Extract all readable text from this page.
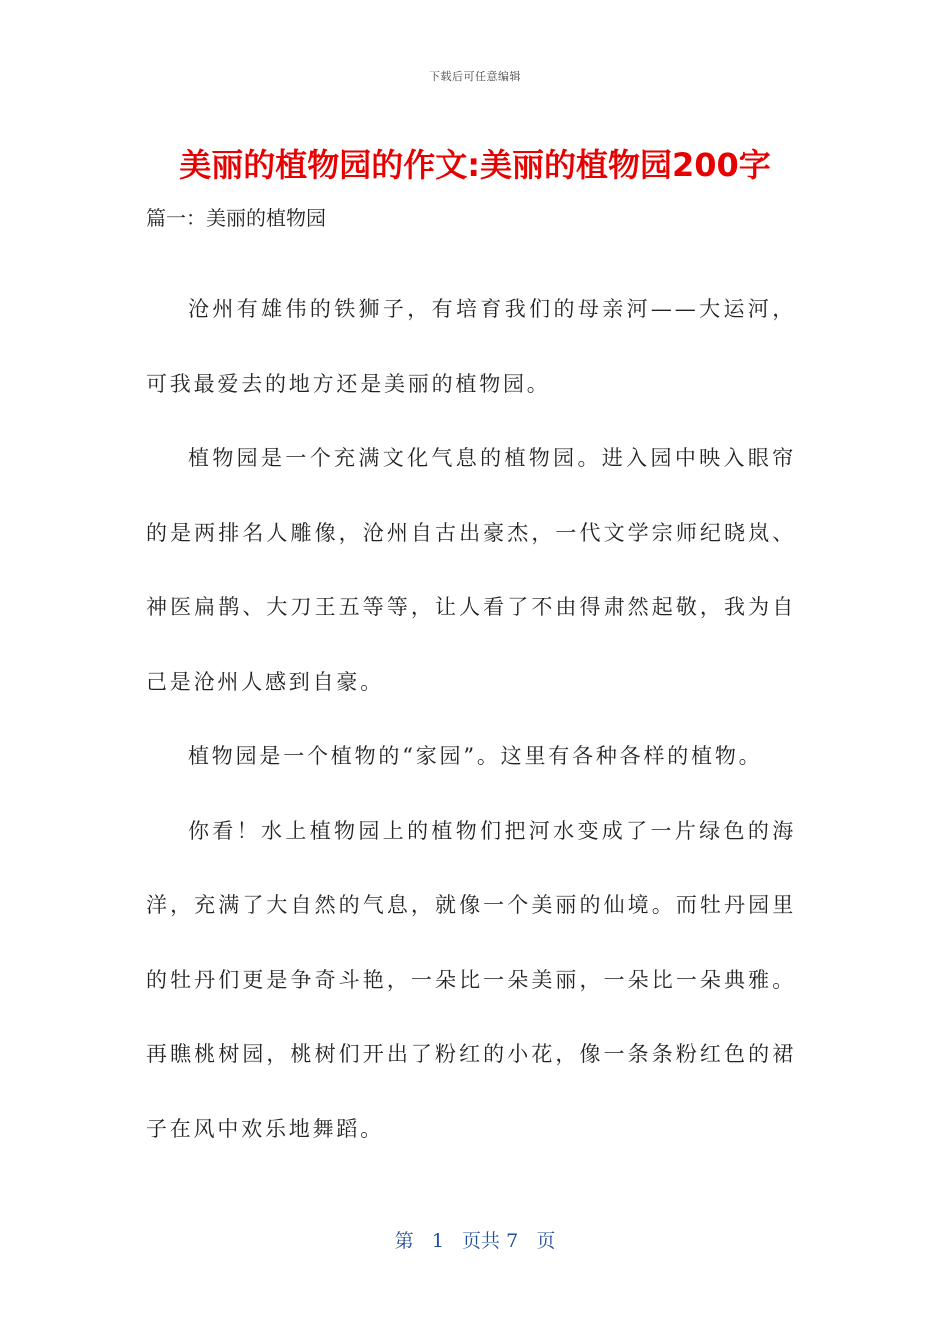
下载后可任意编辑
美丽的植物园的作文:美丽的植物园200字

篇一：美丽的植物园

沧州有雄伟的铁狮子，有培育我们的母亲河——大运河，可我最爱去的地方还是美丽的植物园。

植物园是一个充满文化气息的植物园。进入园中映入眼帘的是两排名人雕像，沧州自古出豪杰，一代文学宗师纪晓岚、神医扁鹊、大刀王五等等，让人看了不由得肃然起敬，我为自己是沧州人感到自豪。

植物园是一个植物的“家园”。这里有各种各样的植物。

你看！水上植物园上的植物们把河水变成了一片绿色的海洋，充满了大自然的气息，就像一个美丽的仙境。而牡丹园里的牡丹们更是争奇斗艳，一朵比一朵美丽，一朵比一朵典雅。再瞧桃树园，桃树们开出了粉红的小花，像一条条粉红色的裙子在风中欢乐地舞蹈。

第 1 页共 7 页
